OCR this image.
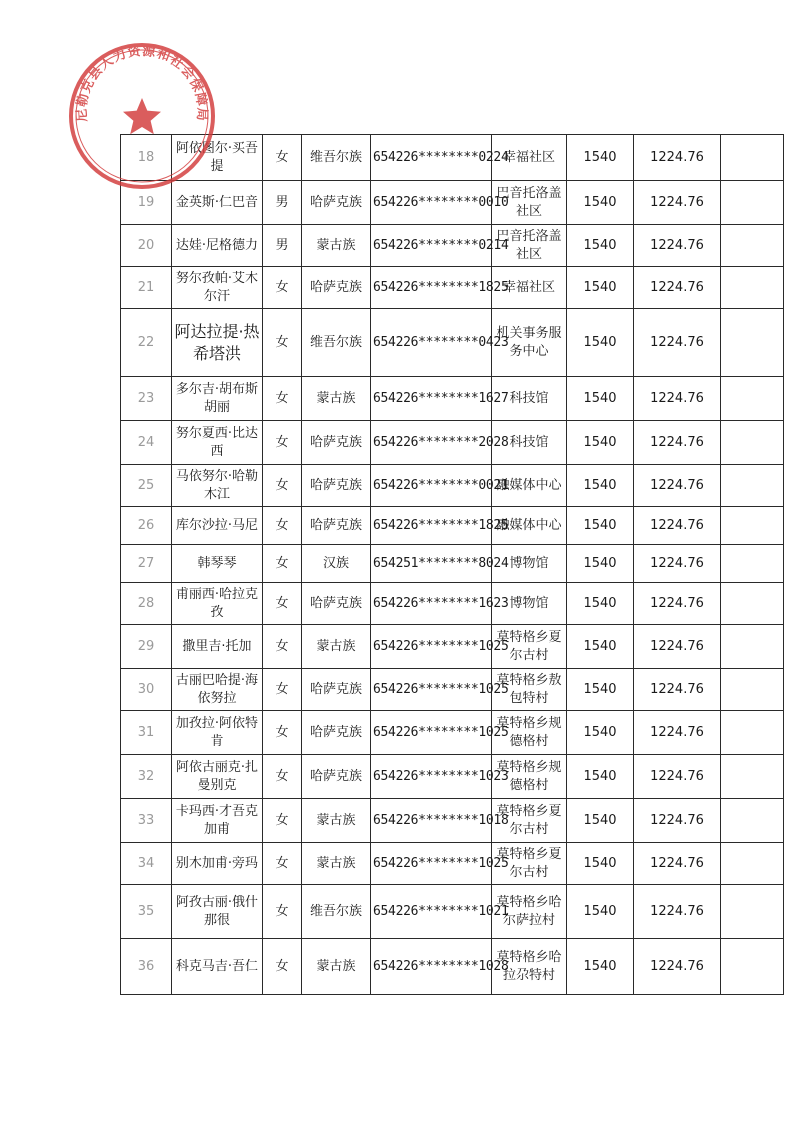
18	阿依图尔·买吾提	女	维吾尔族	654226********0224	幸福社区	1540	1224.76	
19	金英斯·仁巴音	男	哈萨克族	654226********0010	巴音托洛盖社区	1540	1224.76	
20	达娃·尼格德力	男	蒙古族	654226********0214	巴音托洛盖社区	1540	1224.76	
21	努尔孜帕·艾木尔汗	女	哈萨克族	654226********1825	幸福社区	1540	1224.76	
22	阿达拉提·热希塔洪	女	维吾尔族	654226********0423	机关事务服务中心	1540	1224.76	
23	多尔吉·胡布斯胡丽	女	蒙古族	654226********1627	科技馆	1540	1224.76	
24	努尔夏西·比达西	女	哈萨克族	654226********2028	科技馆	1540	1224.76	
25	马依努尔·哈勒木江	女	哈萨克族	654226********0021	融媒体中心	1540	1224.76	
26	库尔沙拉·马尼	女	哈萨克族	654226********1825	融媒体中心	1540	1224.76	
27	韩琴琴	女	汉族	654251********8024	博物馆	1540	1224.76	
28	甫丽西·哈拉克孜	女	哈萨克族	654226********1623	博物馆	1540	1224.76	
29	撒里吉·托加	女	蒙古族	654226********1025	莫特格乡夏尔古村	1540	1224.76	
30	古丽巴哈提·海依努拉	女	哈萨克族	654226********1025	莫特格乡敖包特村	1540	1224.76	
31	加孜拉·阿依特肯	女	哈萨克族	654226********1025	莫特格乡规德格村	1540	1224.76	
32	阿依古丽克·扎曼别克	女	哈萨克族	654226********1023	莫特格乡规德格村	1540	1224.76	
33	卡玛西·才吾克加甫	女	蒙古族	654226********1018	莫特格乡夏尔古村	1540	1224.76	
34	别木加甫·旁玛	女	蒙古族	654226********1025	莫特格乡夏尔古村	1540	1224.76	
35	阿孜古丽·俄什那很	女	维吾尔族	654226********1021	莫特格乡哈尔萨拉村	1540	1224.76	
36	科克马吉·吾仁	女	蒙古族	654226********1028	莫特格乡哈拉尕特村	1540	1224.76	
尼勒克县人力资源和社会保障局
